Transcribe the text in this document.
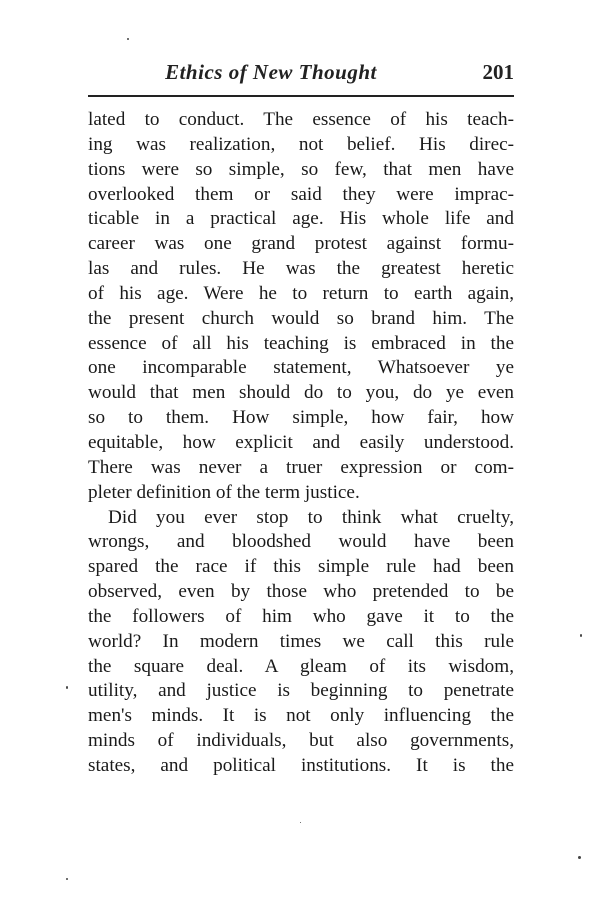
Ethics of New Thought	201
lated to conduct. The essence of his teach-
ing was realization, not belief. His direc-
tions were so simple, so few, that men have
overlooked them or said they were imprac-
ticable in a practical age. His whole life and
career was one grand protest against formu-
las and rules. He was the greatest heretic
of his age. Were he to return to earth again,
the present church would so brand him. The
essence of all his teaching is embraced in the
one incomparable statement, Whatsoever ye
would that men should do to you, do ye even
so to them. How simple, how fair, how
equitable, how explicit and easily understood.
There was never a truer expression or com-
pleter definition of the term justice.
Did you ever stop to think what cruelty,
wrongs, and bloodshed would have been
spared the race if this simple rule had been
observed, even by those who pretended to be
the followers of him who gave it to the
world? In modern times we call this rule
the square deal. A gleam of its wisdom,
utility, and justice is beginning to penetrate
men's minds. It is not only influencing the
minds of individuals, but also governments,
states, and political institutions. It is the
